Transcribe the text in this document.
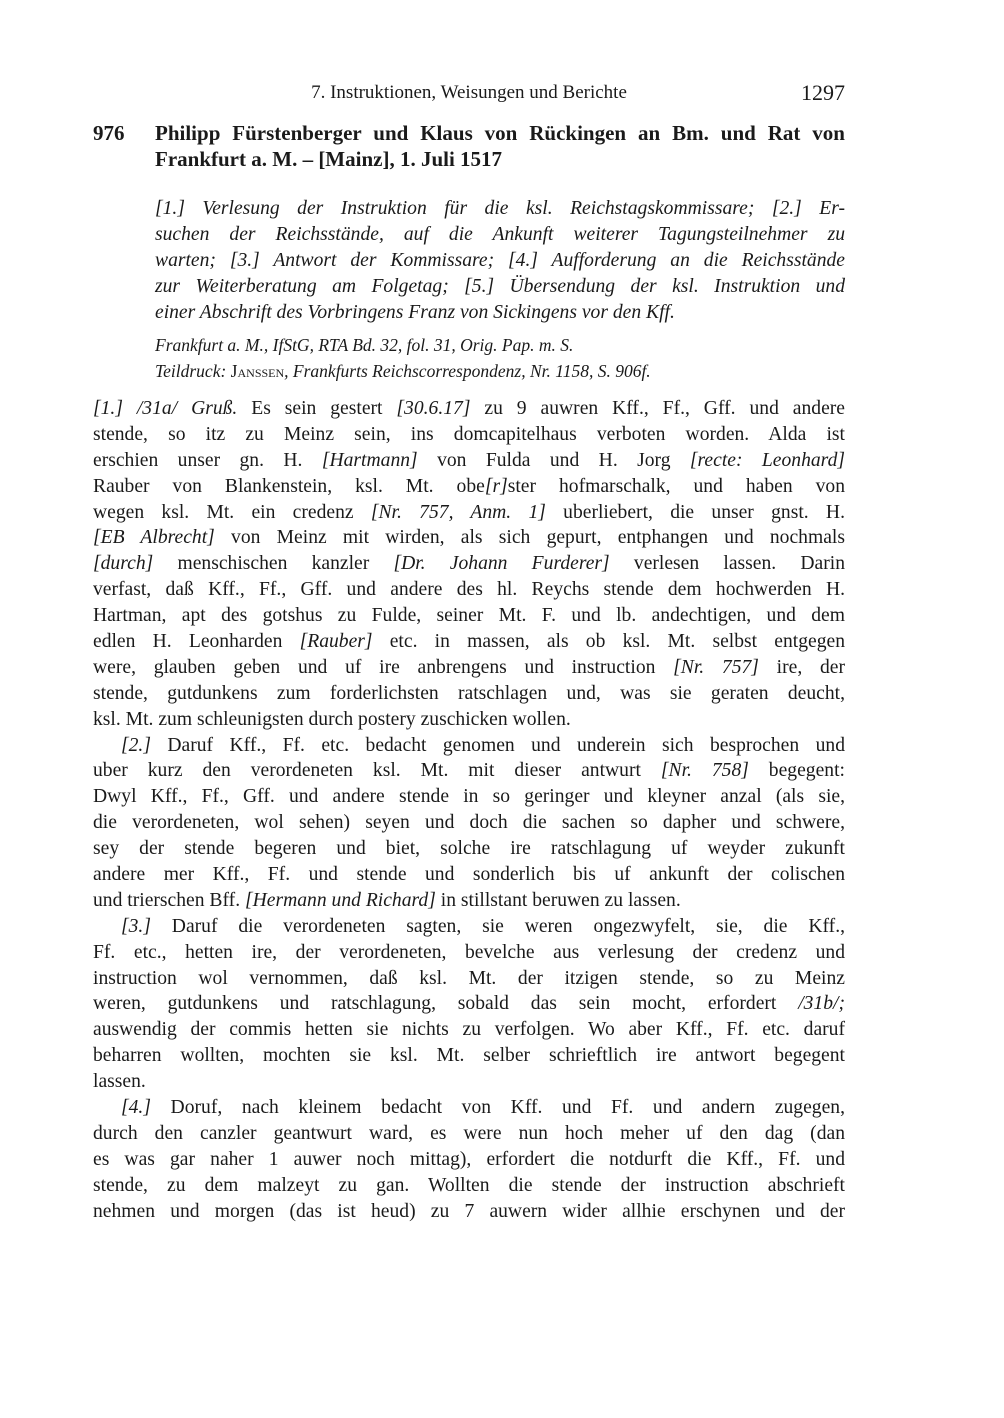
7. Instruktionen, Weisungen und Berichte	1297
976 Philipp Fürstenberger und Klaus von Rückingen an Bm. und Rat von
Frankfurt a. M. – [Mainz], 1. Juli 1517
[1.] Verlesung der Instruktion für die ksl. Reichstagskommissare; [2.] Er-
suchen der Reichsstände, auf die Ankunft weiterer Tagungsteilnehmer zu
warten; [3.] Antwort der Kommissare; [4.] Aufforderung an die Reichsstände
zur Weiterberatung am Folgetag; [5.] Übersendung der ksl. Instruktion und
einer Abschrift des Vorbringens Franz von Sickingens vor den Kff.
Frankfurt a. M., IfStG, RTA Bd. 32, fol. 31, Orig. Pap. m. S.
Teildruck: Janssen, Frankfurts Reichscorrespondenz, Nr. 1158, S. 906f.
[1.] /31a/ Gruß. Es sein gestert [30.6.17] zu 9 auwren Kff., Ff., Gff. und andere
stende, so itz zu Meinz sein, ins domcapitelhaus verboten worden. Alda ist
erschien unser gn. H. [Hartmann] von Fulda und H. Jorg [recte: Leonhard]
Rauber von Blankenstein, ksl. Mt. obe[r]ster hofmarschalk, und haben von
wegen ksl. Mt. ein credenz [Nr. 757, Anm. 1] uberliebert, die unser gnst. H.
[EB Albrecht] von Meinz mit wirden, als sich gepurt, entphangen und nochmals
[durch] menschischen kanzler [Dr. Johann Furderer] verlesen lassen. Darin
verfast, daß Kff., Ff., Gff. und andere des hl. Reychs stende dem hochwerden H.
Hartman, apt des gotshus zu Fulde, seiner Mt. F. und lb. andechtigen, und dem
edlen H. Leonharden [Rauber] etc. in massen, als ob ksl. Mt. selbst entgegen
were, glauben geben und uf ire anbrengens und instruction [Nr. 757] ire, der
stende, gutdunkens zum forderlichsten ratschlagen und, was sie geraten deucht,
ksl. Mt. zum schleunigsten durch postery zuschicken wollen.
[2.] Daruf Kff., Ff. etc. bedacht genomen und underein sich besprochen und
uber kurz den verordeneten ksl. Mt. mit dieser antwurt [Nr. 758] begegent:
Dwyl Kff., Ff., Gff. und andere stende in so geringer und kleyner anzal (als sie,
die verordeneten, wol sehen) seyen und doch die sachen so dapher und schwere,
sey der stende begeren und biet, solche ire ratschlagung uf weyder zukunft
andere mer Kff., Ff. und stende und sonderlich bis uf ankunft der colischen
und trierschen Bff. [Hermann und Richard] in stillstant beruwen zu lassen.
[3.] Daruf die verordeneten sagten, sie weren ongezwyfelt, sie, die Kff.,
Ff. etc., hetten ire, der verordeneten, bevelche aus verlesung der credenz und
instruction wol vernommen, daß ksl. Mt. der itzigen stende, so zu Meinz
weren, gutdunkens und ratschlagung, sobald das sein mocht, erfordert /31b/;
auswendig der commis hetten sie nichts zu verfolgen. Wo aber Kff., Ff. etc. daruf
beharren wollten, mochten sie ksl. Mt. selber schrieftlich ire antwort begegent
lassen.
[4.] Doruf, nach kleinem bedacht von Kff. und Ff. und andern zugegen,
durch den canzler geantwurt ward, es were nun hoch meher uf den dag (dan
es was gar naher 1 auwer noch mittag), erfordert die notdurft die Kff., Ff. und
stende, zu dem malzeyt zu gan. Wollten die stende der instruction abschrieft
nehmen und morgen (das ist heud) zu 7 auwern wider allhie erschynen und der
